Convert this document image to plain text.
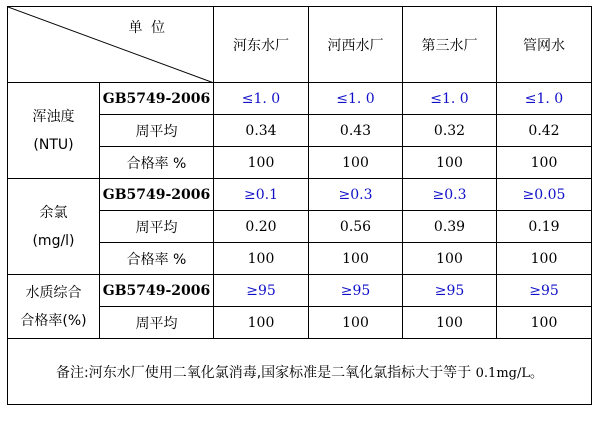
单 位		河东水厂	河西水厂	第三水厂	管网水

浑浊度
(NTU)	GB5749-2006	≤1. 0	≤1. 0	≤1. 0	≤1. 0
	周平均	0.34	0.43	0.32	0.42
	合格率 %	100	100	100	100

余氯
(mg/l)	GB5749-2006	≥0.1	≥0.3	≥0.3	≥0.05
	周平均	0.20	0.56	0.39	0.19
	合格率 %	100	100	100	100

水质综合
合格率(%)	GB5749-2006	≥95	≥95	≥95	≥95
	周平均	100	100	100	100
备注:河东水厂使用二氧化氯消毒,国家标准是二氧化氯指标大于等于 0.1mg/L。					
